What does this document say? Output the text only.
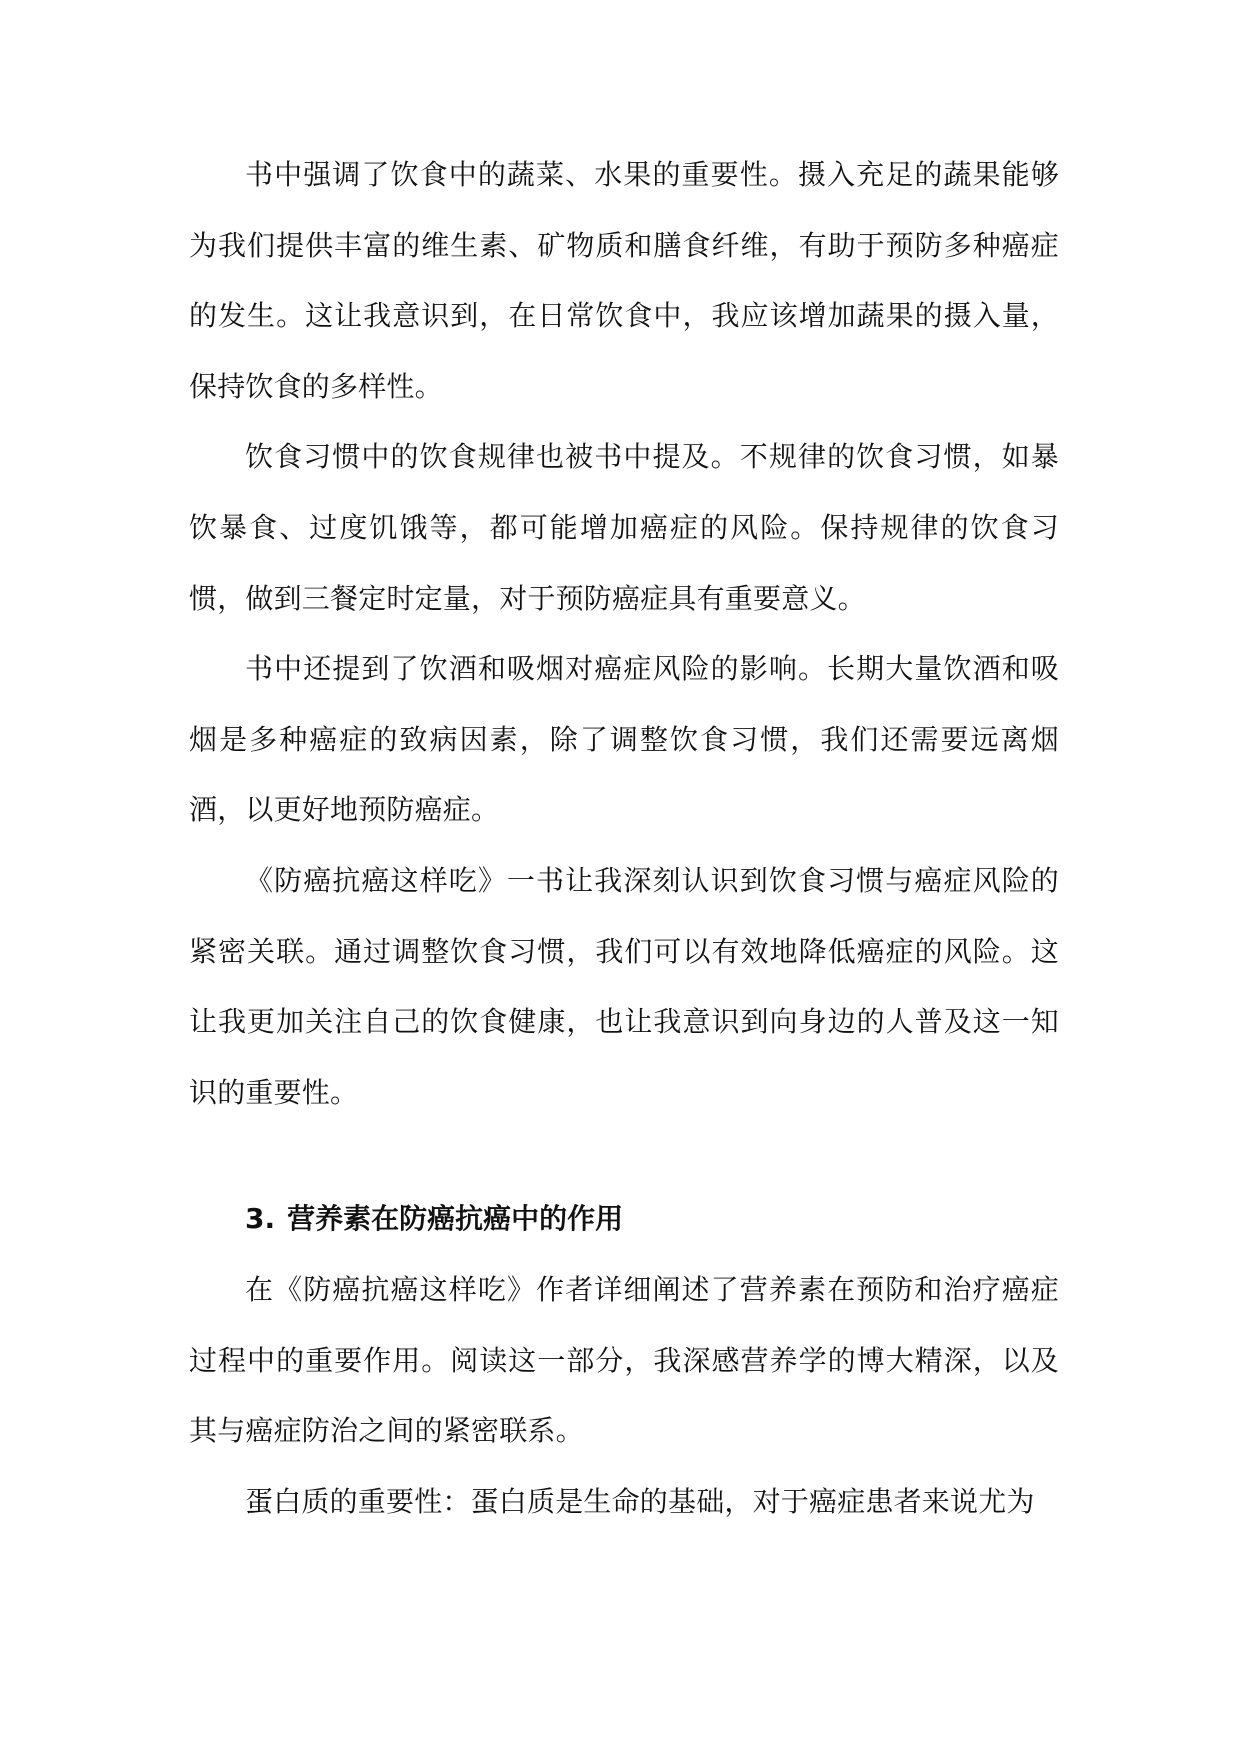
书中强调了饮食中的蔬菜、水果的重要性。摄入充足的蔬果能够为我们提供丰富的维生素、矿物质和膳食纤维，有助于预防多种癌症的发生。这让我意识到，在日常饮食中，我应该增加蔬果的摄入量，保持饮食的多样性。

饮食习惯中的饮食规律也被书中提及。不规律的饮食习惯，如暴饮暴食、过度饥饿等，都可能增加癌症的风险。保持规律的饮食习惯，做到三餐定时定量，对于预防癌症具有重要意义。

书中还提到了饮酒和吸烟对癌症风险的影响。长期大量饮酒和吸烟是多种癌症的致病因素，除了调整饮食习惯，我们还需要远离烟酒，以更好地预防癌症。

《防癌抗癌这样吃》一书让我深刻认识到饮食习惯与癌症风险的紧密关联。通过调整饮食习惯，我们可以有效地降低癌症的风险。这让我更加关注自己的饮食健康，也让我意识到向身边的人普及这一知识的重要性。

3. 营养素在防癌抗癌中的作用

在《防癌抗癌这样吃》作者详细阐述了营养素在预防和治疗癌症过程中的重要作用。阅读这一部分，我深感营养学的博大精深，以及其与癌症防治之间的紧密联系。

蛋白质的重要性：蛋白质是生命的基础，对于癌症患者来说尤为
